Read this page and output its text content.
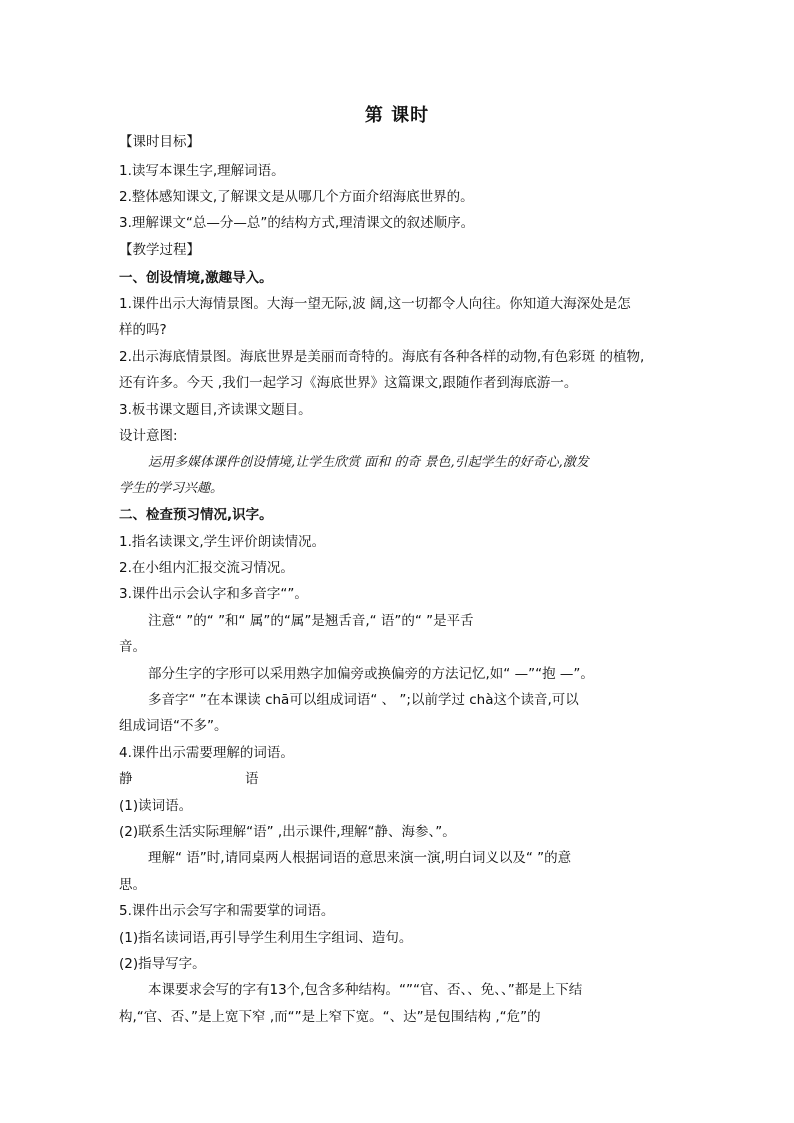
第 课时
【课时目标】
1.读写本课生字,理解词语。
2.整体感知课文,了解课文是从哪几个方面介绍海底世界的。
3.理解课文“总—分—总”的结构方式,理清课文的叙述顺序。
【教学过程】
一、创设情境,激趣导入。
1.课件出示大海情景图。大海一望无际,波 阔,这一切都令人向往。你知道大海深处是怎
样的吗?
2.出示海底情景图。海底世界是美丽而奇特的。海底有各种各样的动物,有色彩斑 的植物,
还有许多。今天 ,我们一起学习《海底世界》这篇课文,跟随作者到海底游一。
3.板书课文题目,齐读课文题目。
设计意图:
运用多媒体课件创设情境,让学生欣赏 面和 的奇 景色,引起学生的好奇心,激发
学生的学习兴趣。
二、检查预习情况,识字。
1.指名读课文,学生评价朗读情况。
2.在小组内汇报交流习情况。
3.课件出示会认字和多音字“”。
注意“ ”的“ ”和“ 属”的“属”是翘舌音,“ 语”的“ ”是平舌
音。
部分生字的字形可以采用熟字加偏旁或换偏旁的方法记忆,如“ —”“抱 —”。
多音字“ ”在本课读 chā可以组成词语“ 、 ”;以前学过 chà这个读音,可以
组成词语“不多”。
4.课件出示需要理解的词语。
静	语
(1)读词语。
(2)联系生活实际理解“语” ,出示课件,理解“静、海参、”。
理解“ 语”时,请同桌两人根据词语的意思来演一演,明白词义以及“ ”的意
思。
5.课件出示会写字和需要掌的词语。
(1)指名读词语,再引导学生利用生字组词、造句。
(2)指导写字。
本课要求会写的字有13个,包含多种结构。“”“官、否、、免、、”都是上下结
构,“官、否、”是上宽下窄 ,而“”是上窄下宽。“、达”是包围结构 ,“危”的
